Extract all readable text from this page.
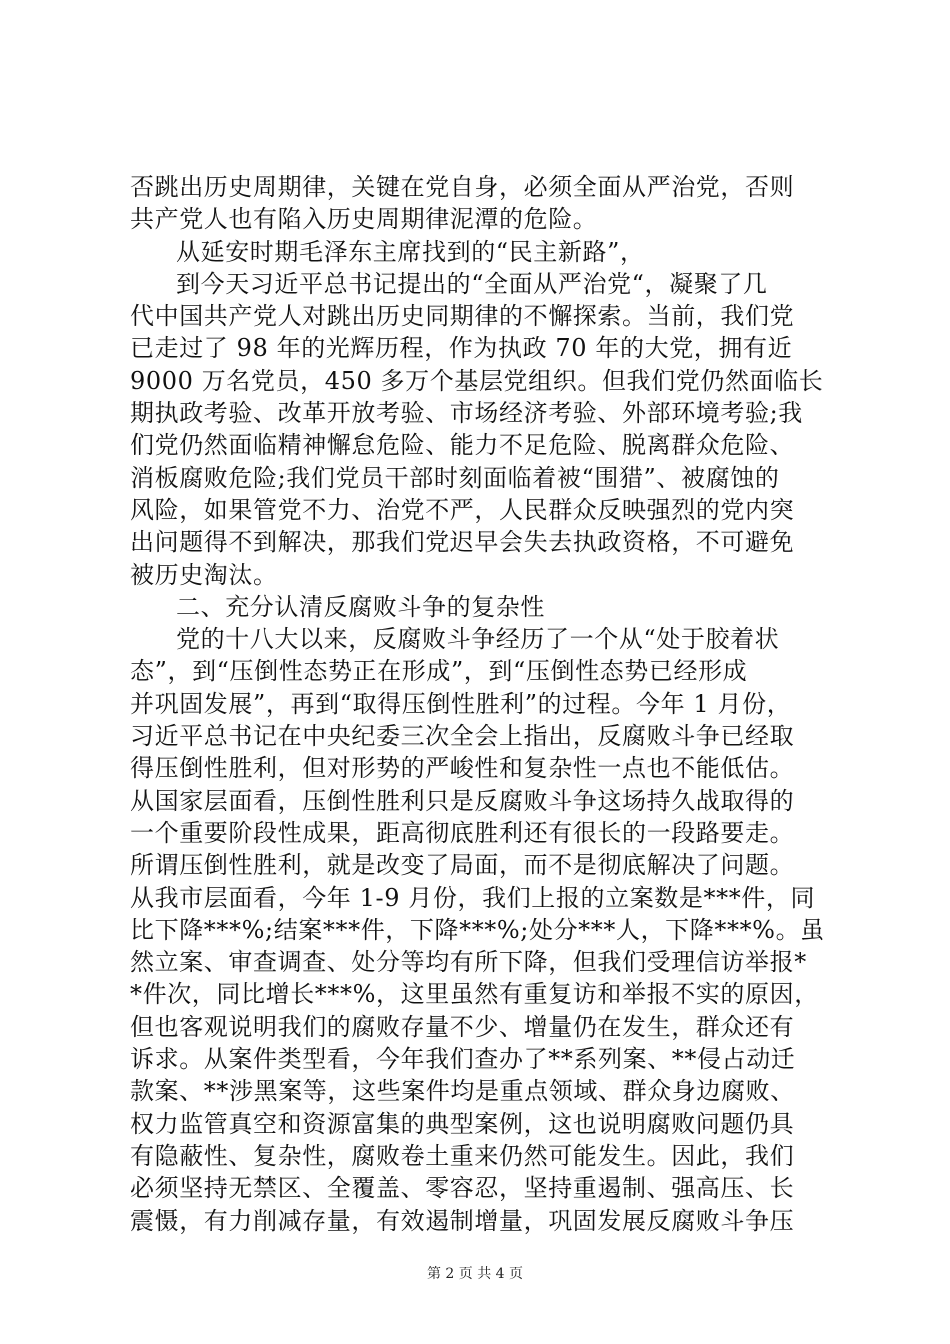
否跳出历史周期律，关键在党自身，必须全面从严治党，否则
共产党人也有陷入历史周期律泥潭的危险。
从延安时期毛泽东主席找到的“民主新路”，
到今天习近平总书记提出的“全面从严治党“，凝聚了几
代中国共产党人对跳出历史同期律的不懈探索。当前，我们党
已走过了 98 年的光辉历程，作为执政 70 年的大党，拥有近
9000 万名党员，450 多万个基层党组织。但我们党仍然面临长
期执政考验、改革开放考验、市场经济考验、外部环境考验;我
们党仍然面临精神懈怠危险、能力不足危险、脱离群众危险、
消板腐败危险;我们党员干部时刻面临着被“围猎”、被腐蚀的
风险，如果管党不力、治党不严，人民群众反映强烈的党内突
出问题得不到解决，那我们党迟早会失去执政资格，不可避免
被历史淘汰。
二、充分认清反腐败斗争的复杂性
党的十八大以来，反腐败斗争经历了一个从“处于胶着状
态”，到“压倒性态势正在形成”，到“压倒性态势已经形成
并巩固发展”，再到“取得压倒性胜利”的过程。今年 1 月份，
习近平总书记在中央纪委三次全会上指出，反腐败斗争已经取
得压倒性胜利，但对形势的严峻性和复杂性一点也不能低估。
从国家层面看，压倒性胜利只是反腐败斗争这场持久战取得的
一个重要阶段性成果，距高彻底胜利还有很长的一段路要走。
所谓压倒性胜利，就是改变了局面，而不是彻底解决了问题。
从我市层面看，今年 1-9 月份，我们上报的立案数是***件，同
比下降***%;结案***件，下降***%;处分***人，下降***%。虽
然立案、审查调查、处分等均有所下降，但我们受理信访举报*
*件次，同比增长***%，这里虽然有重复访和举报不实的原因，
但也客观说明我们的腐败存量不少、增量仍在发生，群众还有
诉求。从案件类型看，今年我们查办了**系列案、**侵占动迁
款案、**涉黑案等，这些案件均是重点领域、群众身边腐败、
权力监管真空和资源富集的典型案例，这也说明腐败问题仍具
有隐蔽性、复杂性，腐败卷土重来仍然可能发生。因此，我们
必须坚持无禁区、全覆盖、零容忍，坚持重遏制、强高压、长
震慑，有力削减存量，有效遏制增量，巩固发展反腐败斗争压
第 2 页 共 4 页
